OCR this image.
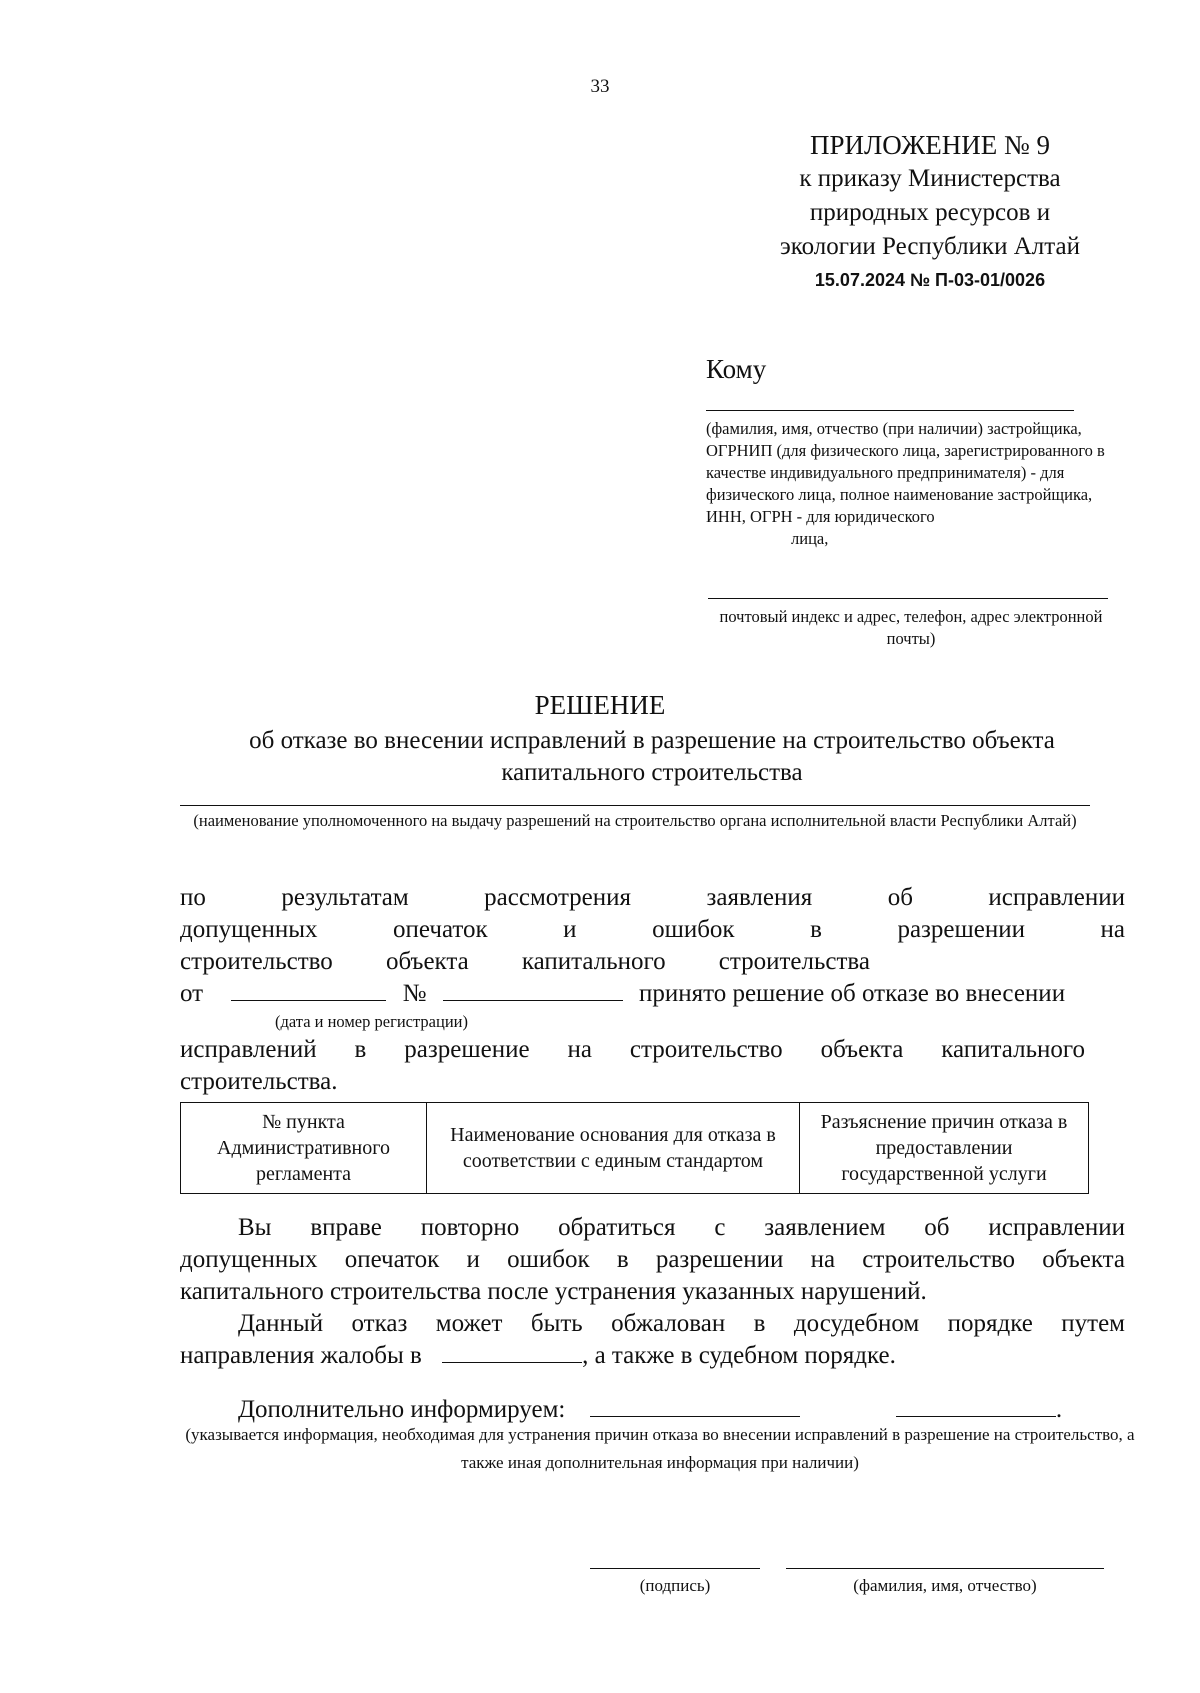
33
ПРИЛОЖЕНИЕ № 9
к приказу Министерства
природных ресурсов и
экологии Республики Алтай
15.07.2024 № П-03-01/0026
Кому
(фамилия, имя, отчество (при наличии) застройщика, ОГРНИП (для физического лица, зарегистрированного в качестве индивидуального предпринимателя) - для физического лица, полное наименование застройщика, ИНН, ОГРН - для юридического
лица,
почтовый индекс и адрес, телефон, адрес электронной почты)
РЕШЕНИЕ
об отказе во внесении исправлений в разрешение на строительство объекта капитального строительства
(наименование уполномоченного на выдачу разрешений на строительство органа исполнительной власти Республики Алтай)
по результатам рассмотрения заявления об исправлении
допущенных опечаток и ошибок в разрешении на
строительство объекта капитального строительства
от	№	принято решение об отказе во внесении
(дата и номер регистрации)
исправлений в разрешение на строительство объекта капитального
строительства.
№ пункта Административного регламента	Наименование основания для отказа в соответствии с единым стандартом	Разъяснение причин отказа в предоставлении государственной услуги
Вы вправе повторно обратиться с заявлением об исправлении
допущенных опечаток и ошибок в разрешении на строительство объекта
капитального строительства после устранения указанных нарушений.
Данный отказ может быть обжалован в досудебном порядке путем
направления жалобы в	, а также в судебном порядке.
Дополнительно информируем:	.
(указывается информация, необходимая для устранения причин отказа во внесении исправлений в разрешение на строительство, а также иная дополнительная информация при наличии)
(подпись)	(фамилия, имя, отчество)
